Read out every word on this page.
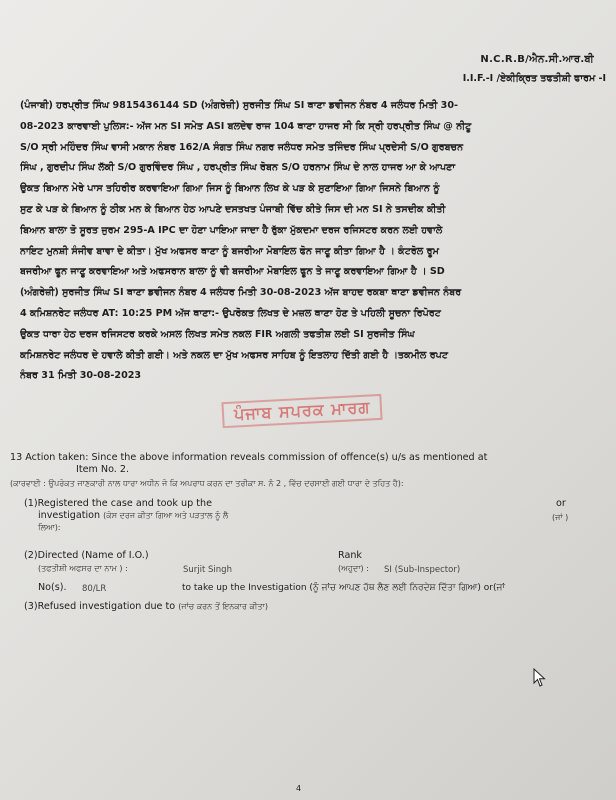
N.C.R.B/ਐਨ.ਸੀ.ਆਰ.ਬੀ
I.I.F.-I /ਏਕੀਕ੍ਰਿਤ ਤਫਤੀਸ਼ੀ ਫਾਰਮ -I
(ਪੰਜਾਬੀ) ਹਰਪ੍ਰੀਤ ਸਿੰਘ 9815436144 SD (ਅੰਗਰੇਜ਼ੀ) ਸੁਰਜੀਤ ਸਿੰਘ SI ਥਾਣਾ ਡਵੀਜਨ ਨੰਬਰ 4 ਜਲੰਧਰ ਮਿਤੀ 30-
08-2023 ਕਾਰਵਾਈ ਪੁਲਿਸ:- ਅੱਜ ਮਨ SI ਸਮੇਤ ASI ਬਲਦੇਵ ਰਾਜ 104 ਥਾਣਾ ਹਾਜਰ ਸੀ ਕਿ ਸ੍ਰੀ ਹਰਪ੍ਰੀਤ ਸਿੰਘ @ ਨੀਟੂ
S/O ਸ੍ਰੀ ਮਹਿੰਦਰ ਸਿੰਘ ਵਾਸੀ ਮਕਾਨ ਨੰਬਰ 162/A ਸੰਗਤ ਸਿੰਘ ਨਗਰ ਜਲੰਧਰ ਸਮੇਤ ਤਜਿੰਦਰ ਸਿੰਘ ਪ੍ਰਦੇਸੀ S/O ਗੁਰਬਚਨ
ਸਿੰਘ , ਗੁਰਦੀਪ ਸਿੰਘ ਲੱਕੀ S/O ਗੁਰਵਿੰਦਰ ਸਿੰਘ , ਹਰਪ੍ਰੀਤ ਸਿੰਘ ਰੋਬਨ S/O ਹਰਨਾਮ ਸਿੰਘ ਦੇ ਨਾਲ ਹਾਜਰ ਆ ਕੇ ਆਪਣਾ
ਉਕਤ ਬਿਆਨ ਮੇਰੇ ਪਾਸ ਤਹਿਰੀਰ ਕਰਵਾਇਆ ਗਿਆ ਜਿਸ ਨੂੰ ਬਿਆਨ ਲਿਖ ਕੇ ਪੜ ਕੇ ਸੁਣਾਇਆ ਗਿਆ ਜਿਸਨੇ ਬਿਆਨ ਨੂੰ
ਸੁਣ ਕੇ ਪੜ ਕੇ ਬਿਆਨ ਨੂੰ ਠੀਕ ਮਨ ਕੇ ਬਿਆਨ ਹੇਠ ਆਪਣੇ ਦਸਤਖਤ ਪੰਜਾਬੀ ਵਿੱਚ ਕੀਤੇ ਜਿਸ ਦੀ ਮਨ SI ਨੇ ਤਸਦੀਕ ਕੀਤੀ
ਬਿਆਨ ਬਾਲਾ ਤੋ ਸੂਰਤ ਜੁਰਮ 295-A IPC ਦਾ ਹੋਣਾ ਪਾਇਆ ਜਾਦਾ ਹੈ ਰੁੱਕਾ ਮੁੱਕਦਮਾ ਦਰਜ ਰਜਿਸਟਰ ਕਰਨ ਲਈ ਹਵਾਲੇ
ਨਾਇਟ ਮੁਨਸ਼ੀ ਸੰਜੀਵ ਬਾਵਾ ਦੇ ਕੀਤਾ। ਮੁੱਖ ਅਫਸਰ ਥਾਣਾ ਨੂੰ ਬਜਰੀਆ ਮੋਬਾਇਲ ਫੋਨ ਜਾਣੂ ਕੀਤਾ ਗਿਆ ਹੈ । ਕੰਟਰੋਲ ਰੂਮ
ਬਜਰੀਆ ਫੂਨ ਜਾਣੂ ਕਰਵਾਇਆ ਅਤੇ ਅਫਸਰਾਨ ਬਾਲਾ ਨੂੰ ਵੀ ਬਜਰੀਆ ਮੋਬਾਇਲ ਫੂਨ ਤੇ ਜਾਣੂ ਕਰਵਾਇਆ ਗਿਆ ਹੈ । SD
(ਅੰਗਰੇਜ਼ੀ) ਸੁਰਜੀਤ ਸਿੰਘ SI ਥਾਣਾ ਡਵੀਜਨ ਨੰਬਰ 4 ਜਲੰਧਰ ਮਿਤੀ 30-08-2023 ਅੱਜ ਬਾਹਦ ਰਕਬਾ ਥਾਣਾ ਡਵੀਜਨ ਨੰਬਰ
4 ਕਮਿਸ਼ਨਰੇਟ ਜਲੰਧਰ AT: 10:25 PM ਅੱਜ ਥਾਣਾ:- ਉਪਰੋਕਤ ਲਿਖਤ ਦੇ ਮਜ਼ਲ ਥਾਣਾ ਹੋਣ ਤੇ ਪਹਿਲੀ ਸੂਚਨਾ ਰਿਪੋਰਟ
ਉਕਤ ਧਾਰਾ ਹੇਠ ਦਰਜ ਰਜਿਸਟਰ ਕਰਕੇ ਅਸਲ ਲਿਖਤ ਸਮੇਤ ਨਕਲ FIR ਅਗਲੀ ਤਫਤੀਸ਼ ਲਈ SI ਸੁਰਜੀਤ ਸਿੰਘ
ਕਮਿਸ਼ਨਰੇਟ ਜਲੰਧਰ ਦੇ ਹਵਾਲੇ ਕੀਤੀ ਗਈ। ਅਤੇ ਨਕਲ ਦਾ ਮੁੱਖ ਅਫਸਰ ਸਾਹਿਬ ਨੂੰ ਇਤਲਾਹ ਦਿੱਤੀ ਗਈ ਹੈ ।ਤਕਮੀਲ ਰਪਟ
ਨੰਬਰ 31 ਮਿਤੀ 30-08-2023
ਪੰਜਾਬ ਸਪਰਕ ਮਾਰਗ
13 Action taken: Since the above information reveals commission of offence(s) u/s as mentioned at
Item No. 2.
(ਕਾਰਵਾਈ : ਉਪਰੋਕਤ ਜਾਣਕਾਰੀ ਨਾਲ ਧਾਰਾ ਅਧੀਨ ਜੋ ਕਿ ਅਪਰਾਧ ਕਰਨ ਦਾ ਤਰੀਕਾ ਸ. ਨੰ 2 , ਵਿੱਚ ਦਰਸਾਈ ਗਈ ਧਾਰਾ ਦੇ ਤਹਿਤ ਹੈ):
(1)Registered the case and took up the
investigation (ਕੇਸ ਦਰਜ ਕੀਤਾ ਗਿਆ ਅਤੇ ਪੜਤਾਲ ਨੂੰ ਲੈ
ਲਿਆ):
or
(ਜਾਂ )
(2)Directed (Name of I.O.)
(ਤਫਤੀਸ਼ੀ ਅਫਸਰ ਦਾ ਨਾਮ ) :	Surjit Singh
Rank
(ਅਹੁਦਾ) : SI (Sub-Inspector)
No(s). 80/LR	to take up the Investigation (ਨੂੰ ਜਾਂਚ ਆਪਣ ਹੱਥ ਲੈਣ ਲਈ ਨਿਰਦੇਸ਼ ਦਿੱਤਾ ਗਿਆ) or(ਜਾਂ
(3)Refused investigation due to (ਜਾਂਚ ਕਰਨ ਤੋਂ ਇਨਕਾਰ ਕੀਤਾ)
4
